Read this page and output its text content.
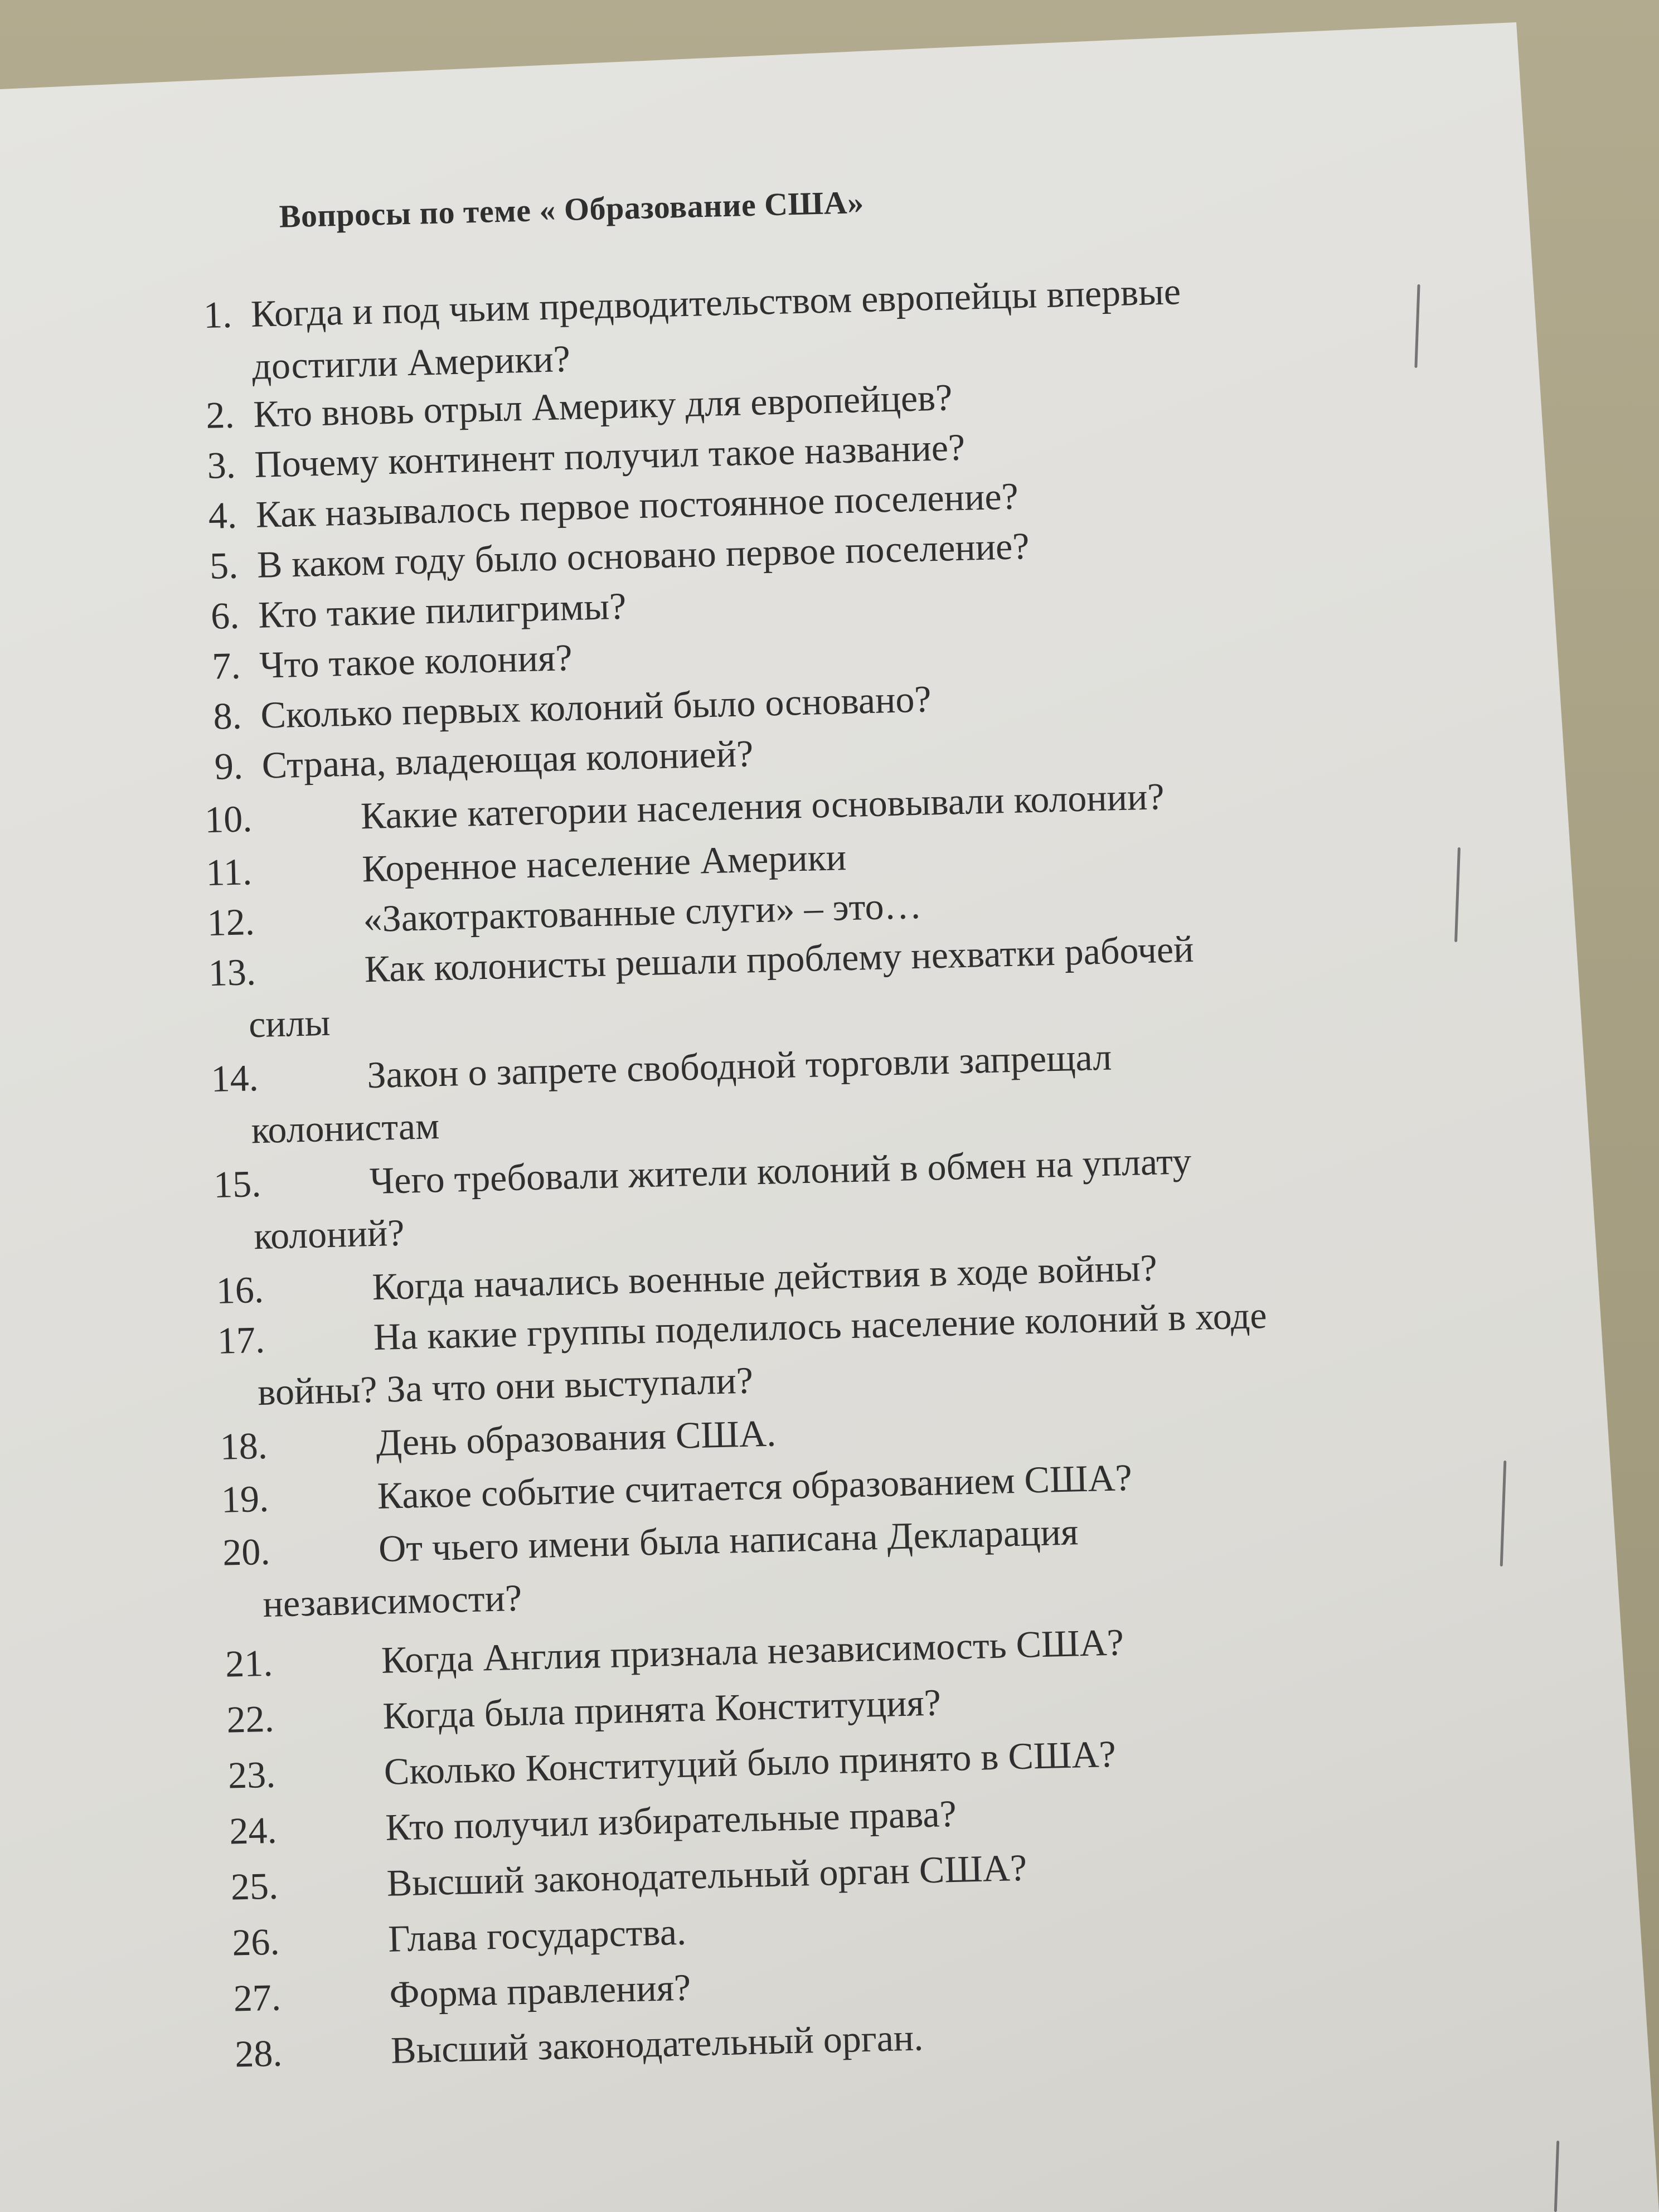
Вопросы по теме « Образование США»
1. Когда и под чьим предводительством европейцы впервые
достигли Америки?
2. Кто вновь отрыл Америку для европейцев?
3. Почему континент получил такое название?
4. Как называлось первое постоянное поселение?
5. В каком году было основано первое поселение?
6. Кто такие пилигримы?
7. Что такое колония?
8. Сколько первых колоний было основано?
9. Страна, владеющая колонией?
10.	Какие категории населения основывали колонии?
11.	Коренное население Америки
12.	«Закотрактованные слуги» – это…
13.	Как колонисты решали проблему нехватки рабочей
силы
14.	Закон о запрете свободной торговли запрещал
колонистам
15.	Чего требовали жители колоний в обмен на уплату
колоний?
16.	Когда начались военные действия в ходе войны?
17.	На какие группы поделилось население колоний в ходе
войны? За что они выступали?
18.	День образования США.
19.	Какое событие считается образованием США?
20.	От чьего имени была написана Декларация
независимости?
21.	Когда Англия признала независимость США?
22.	Когда была принята Конституция?
23.	Сколько Конституций было принято в США?
24.	Кто получил избирательные права?
25.	Высший законодательный орган США?
26.	Глава государства.
27.	Форма правления?
28.	Высший законодательный орган.
